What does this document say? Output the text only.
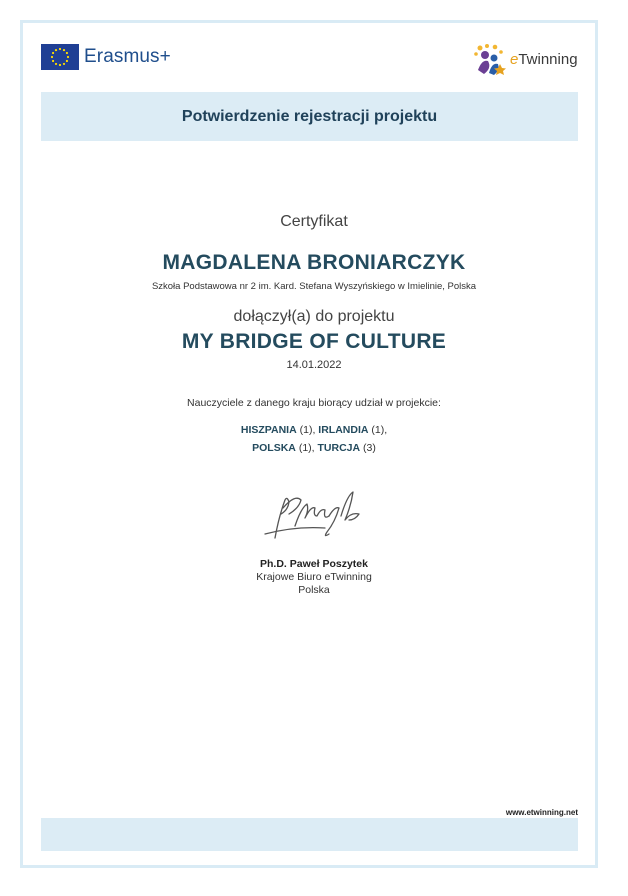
Erasmus+	eTwinning
Potwierdzenie rejestracji projektu
Certyfikat
MAGDALENA BRONIARCZYK
Szkoła Podstawowa nr 2 im. Kard. Stefana Wyszyńskiego w Imielinie, Polska
dołączył(a) do projektu
MY BRIDGE OF CULTURE
14.01.2022
Nauczyciele z danego kraju biorący udział w projekcie:
HISZPANIA (1), IRLANDIA (1),
POLSKA (1), TURCJA (3)
Ph.D. Paweł Poszytek
Krajowe Biuro eTwinning
Polska
www.etwinning.net
